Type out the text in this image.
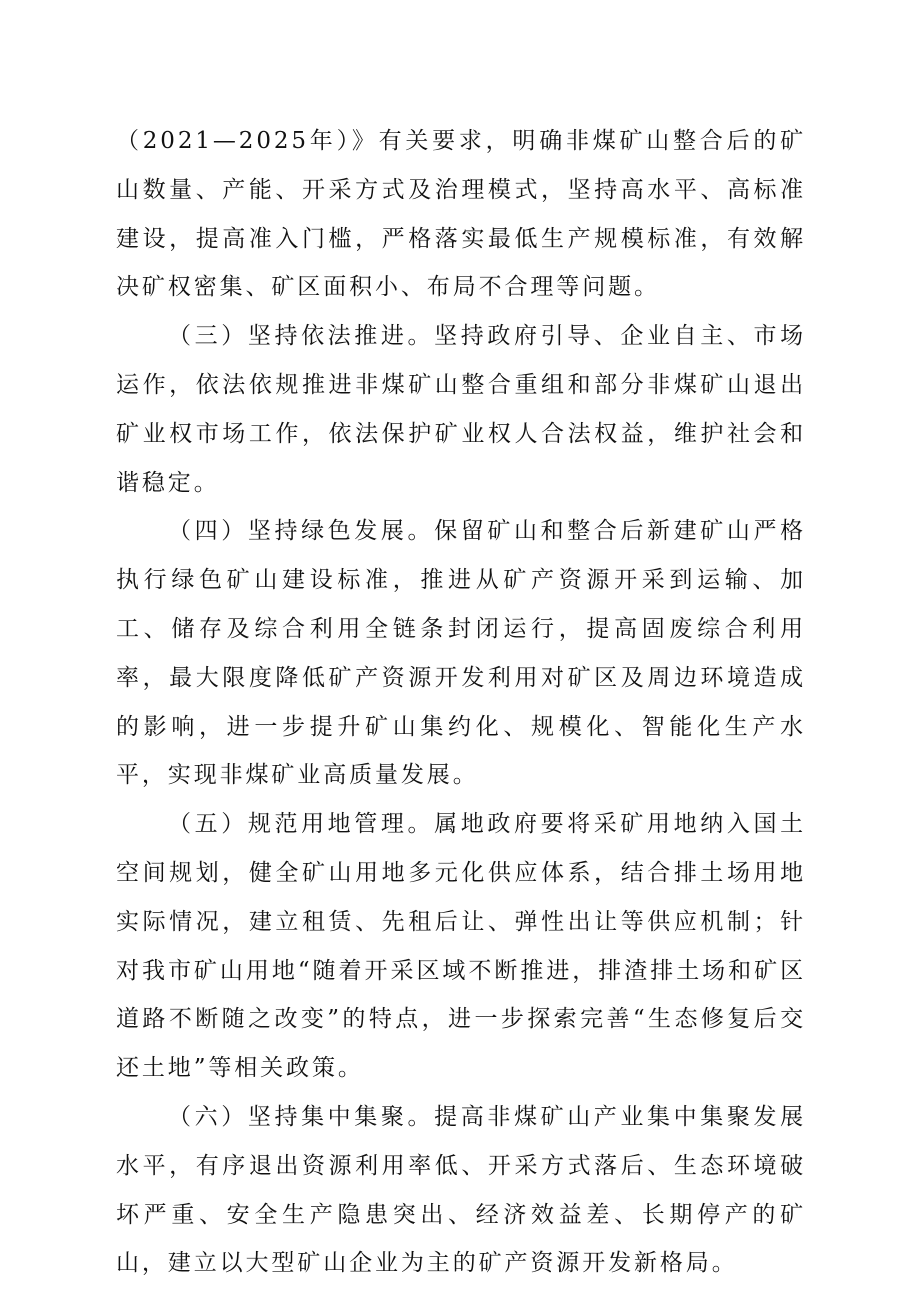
（2021—2025年）》有关要求，明确非煤矿山整合后的矿山数量、产能、开采方式及治理模式，坚持高水平、高标准建设，提高准入门槛，严格落实最低生产规模标准，有效解决矿权密集、矿区面积小、布局不合理等问题。

（三）坚持依法推进。坚持政府引导、企业自主、市场运作，依法依规推进非煤矿山整合重组和部分非煤矿山退出矿业权市场工作，依法保护矿业权人合法权益，维护社会和谐稳定。

（四）坚持绿色发展。保留矿山和整合后新建矿山严格执行绿色矿山建设标准，推进从矿产资源开采到运输、加工、储存及综合利用全链条封闭运行，提高固废综合利用率，最大限度降低矿产资源开发利用对矿区及周边环境造成的影响，进一步提升矿山集约化、规模化、智能化生产水平，实现非煤矿业高质量发展。

（五）规范用地管理。属地政府要将采矿用地纳入国土空间规划，健全矿山用地多元化供应体系，结合排土场用地实际情况，建立租赁、先租后让、弹性出让等供应机制；针对我市矿山用地“随着开采区域不断推进，排渣排土场和矿区道路不断随之改变”的特点，进一步探索完善“生态修复后交还土地”等相关政策。

（六）坚持集中集聚。提高非煤矿山产业集中集聚发展水平，有序退出资源利用率低、开采方式落后、生态环境破坏严重、安全生产隐患突出、经济效益差、长期停产的矿山，建立以大型矿山企业为主的矿产资源开发新格局。
